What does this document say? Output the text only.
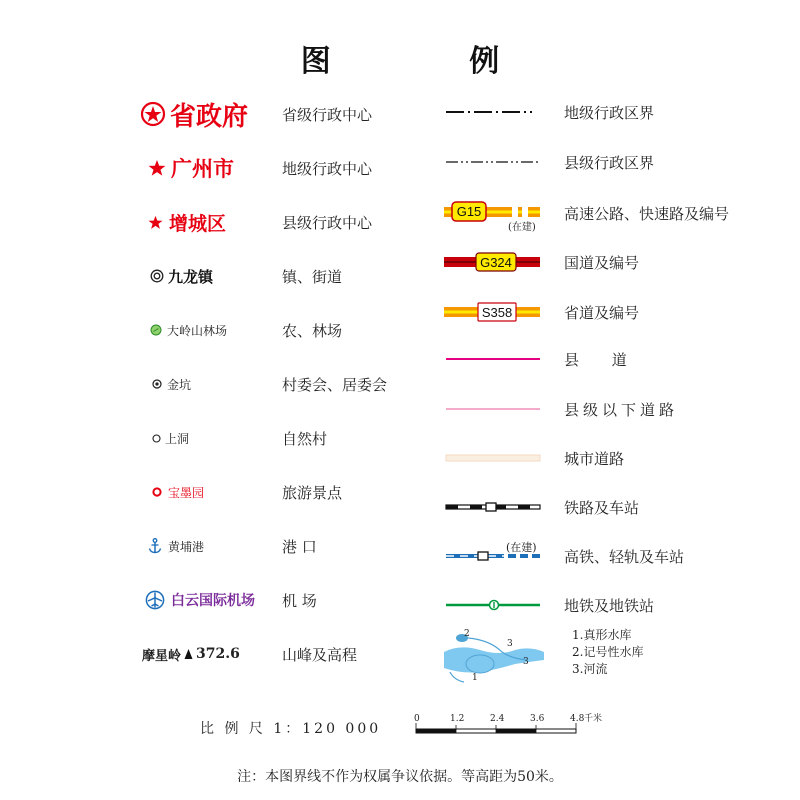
图 例
省政府 省级行政中心
广州市	地级行政中心
增城区	县级行政中心
九龙镇	镇、街道
大岭山林场	农、林场
金坑	村委会、居委会
上洞	自然村
宝墨园	旅游景点
黄埔港	港 口
白云国际机场 机 场
摩星岭 372.6	山峰及高程
地级行政区界
县级行政区界
G15
(在建)
高速公路、快速路及编号
G324	国道及编号
S358	省道及编号
县 道
县级以下道路
城市道路
铁路及车站
(在建) 高铁、轻轨及车站
地铁及地铁站
2
3
3
1
1.真形水库
2.记号性水库
3.河流
比 例 尺 1：120 000
0	1.2	2.4	3.6	4.8 千米
注：本图界线不作为权属争议依据。等高距为50米。
